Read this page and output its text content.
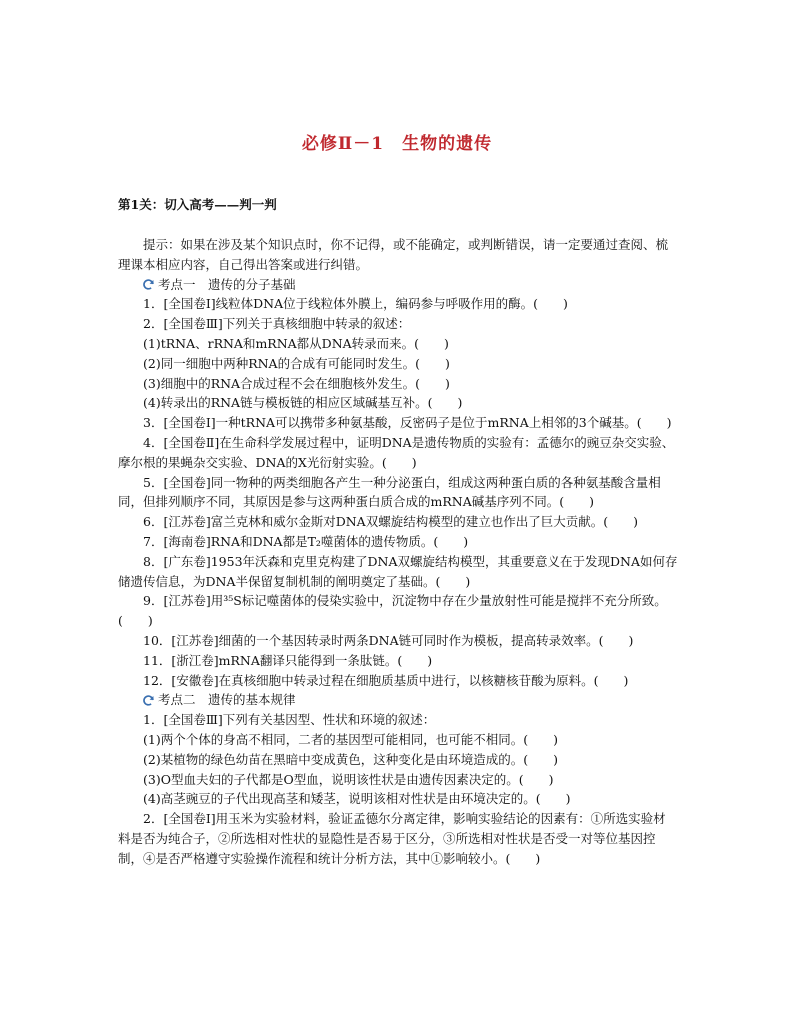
必修Ⅱ－1　生物的遗传
第1关：切入高考——判一判

提示：如果在涉及某个知识点时，你不记得，或不能确定，或判断错误，请一定要通过查阅、梳理课本相应内容，自己得出答案或进行纠错。

考点一　遗传的分子基础

1．[全国卷Ⅰ]线粒体DNA位于线粒体外膜上，编码参与呼吸作用的酶。(　　)

2．[全国卷Ⅲ]下列关于真核细胞中转录的叙述：

(1)tRNA、rRNA和mRNA都从DNA转录而来。(　　)

(2)同一细胞中两种RNA的合成有可能同时发生。(　　)

(3)细胞中的RNA合成过程不会在细胞核外发生。(　　)

(4)转录出的RNA链与模板链的相应区域碱基互补。(　　)

3．[全国卷Ⅰ]一种tRNA可以携带多种氨基酸，反密码子是位于mRNA上相邻的3个碱基。(　　)

4．[全国卷Ⅱ]在生命科学发展过程中，证明DNA是遗传物质的实验有：孟德尔的豌豆杂交实验、摩尔根的果蝇杂交实验、DNA的X光衍射实验。(　　)

5．[全国卷]同一物种的两类细胞各产生一种分泌蛋白，组成这两种蛋白质的各种氨基酸含量相同，但排列顺序不同，其原因是参与这两种蛋白质合成的mRNA碱基序列不同。(　　)

6．[江苏卷]富兰克林和威尔金斯对DNA双螺旋结构模型的建立也作出了巨大贡献。(　　)

7．[海南卷]RNA和DNA都是T₂噬菌体的遗传物质。(　　)

8．[广东卷]1953年沃森和克里克构建了DNA双螺旋结构模型，其重要意义在于发现DNA如何存储遗传信息，为DNA半保留复制机制的阐明奠定了基础。(　　)

9．[江苏卷]用³⁵S标记噬菌体的侵染实验中，沉淀物中存在少量放射性可能是搅拌不充分所致。(　　)

10．[江苏卷]细菌的一个基因转录时两条DNA链可同时作为模板，提高转录效率。(　　)

11．[浙江卷]mRNA翻译只能得到一条肽链。(　　)

12．[安徽卷]在真核细胞中转录过程在细胞质基质中进行，以核糖核苷酸为原料。(　　)

考点二　遗传的基本规律

1．[全国卷Ⅲ]下列有关基因型、性状和环境的叙述：

(1)两个个体的身高不相同，二者的基因型可能相同，也可能不相同。(　　)

(2)某植物的绿色幼苗在黑暗中变成黄色，这种变化是由环境造成的。(　　)

(3)O型血夫妇的子代都是O型血，说明该性状是由遗传因素决定的。(　　)

(4)高茎豌豆的子代出现高茎和矮茎，说明该相对性状是由环境决定的。(　　)

2．[全国卷Ⅰ]用玉米为实验材料，验证孟德尔分离定律，影响实验结论的因素有：①所选实验材料是否为纯合子，②所选相对性状的显隐性是否易于区分，③所选相对性状是否受一对等位基因控制，④是否严格遵守实验操作流程和统计分析方法，其中①影响较小。(　　)
